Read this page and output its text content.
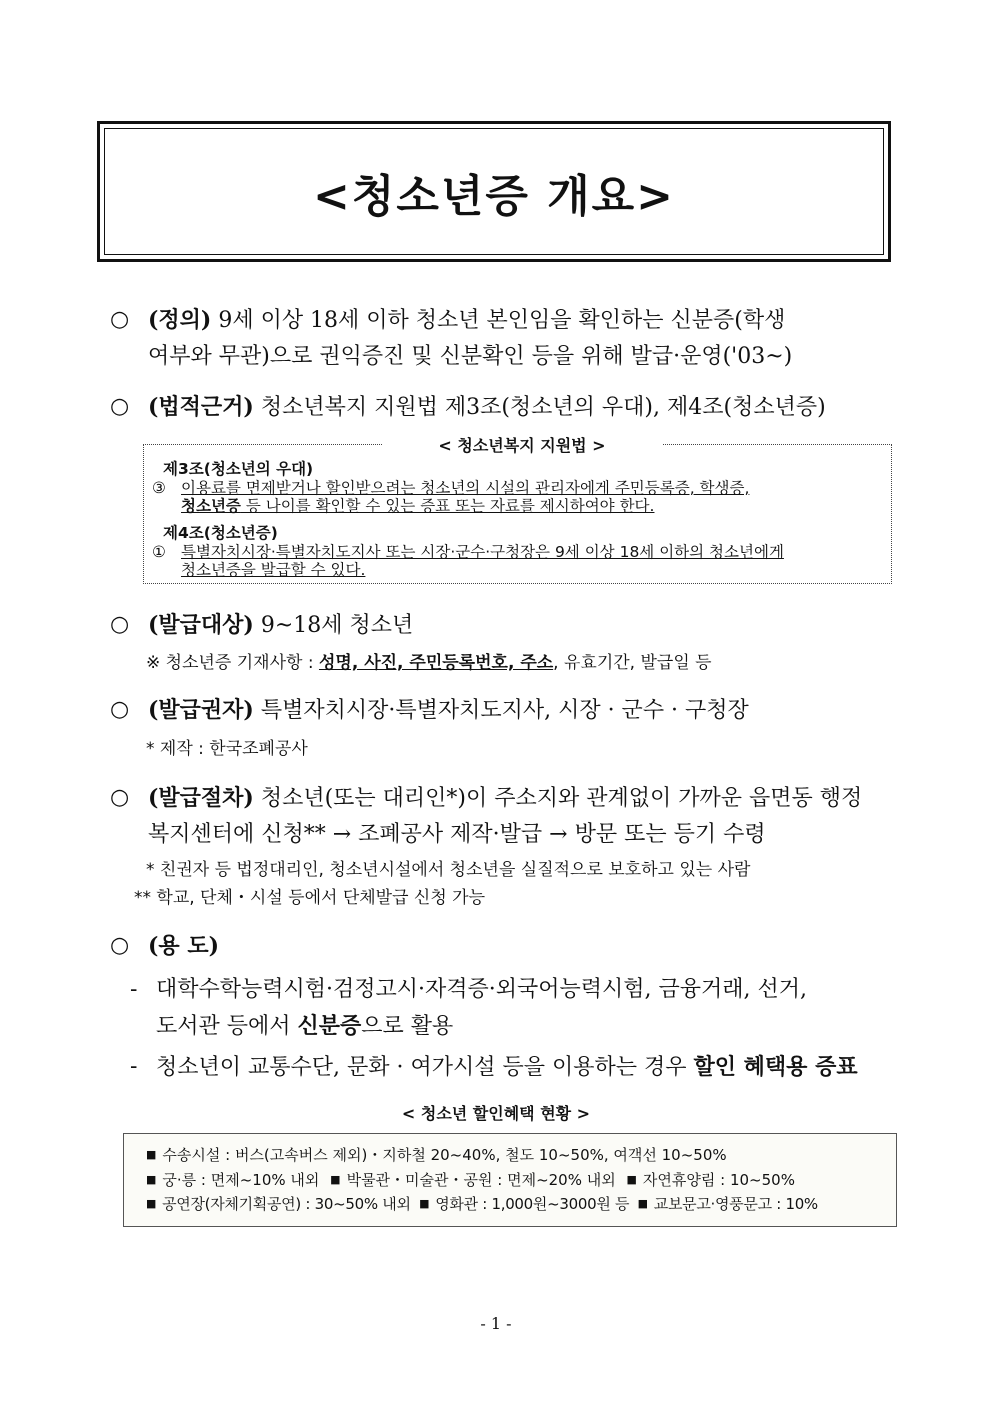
<청소년증 개요>
○ (정의) 9세 이상 18세 이하 청소년 본인임을 확인하는 신분증(학생
여부와 무관)으로 권익증진 및 신분확인 등을 위해 발급·운영('03~)
○ (법적근거) 청소년복지 지원법 제3조(청소년의 우대), 제4조(청소년증)
< 청소년복지 지원법 >
제3조(청소년의 우대)
③ 이용료를 면제받거나 할인받으려는 청소년의 시설의 관리자에게 주민등록증, 학생증,
청소년증 등 나이를 확인할 수 있는 증표 또는 자료를 제시하여야 한다.
제4조(청소년증)
① 특별자치시장·특별자치도지사 또는 시장·군수·구청장은 9세 이상 18세 이하의 청소년에게
청소년증을 발급할 수 있다.
○ (발급대상) 9~18세 청소년
※ 청소년증 기재사항 : 성명, 사진, 주민등록번호, 주소, 유효기간, 발급일 등
○ (발급권자) 특별자치시장·특별자치도지사, 시장 · 군수 · 구청장
* 제작 : 한국조폐공사
○ (발급절차) 청소년(또는 대리인*)이 주소지와 관계없이 가까운 읍면동 행정
복지센터에 신청** → 조폐공사 제작·발급 → 방문 또는 등기 수령
* 친권자 등 법정대리인, 청소년시설에서 청소년을 실질적으로 보호하고 있는 사람
** 학교, 단체・시설 등에서 단체발급 신청 가능
○ (용 도)
- 대학수학능력시험·검정고시·자격증·외국어능력시험, 금융거래, 선거,
도서관 등에서 신분증으로 활용
- 청소년이 교통수단, 문화 · 여가시설 등을 이용하는 경우 할인 혜택용 증표
< 청소년 할인혜택 현황 >
■ 수송시설 : 버스(고속버스 제외)・지하철 20~40%, 철도 10~50%, 여객선 10~50%
■ 궁·릉 : 면제~10% 내외 ■ 박물관・미술관・공원 : 면제~20% 내외 ■ 자연휴양림 : 10~50%
■ 공연장(자체기획공연) : 30~50% 내외 ■ 영화관 : 1,000원~3000원 등 ■ 교보문고·영풍문고 : 10%
- 1 -
